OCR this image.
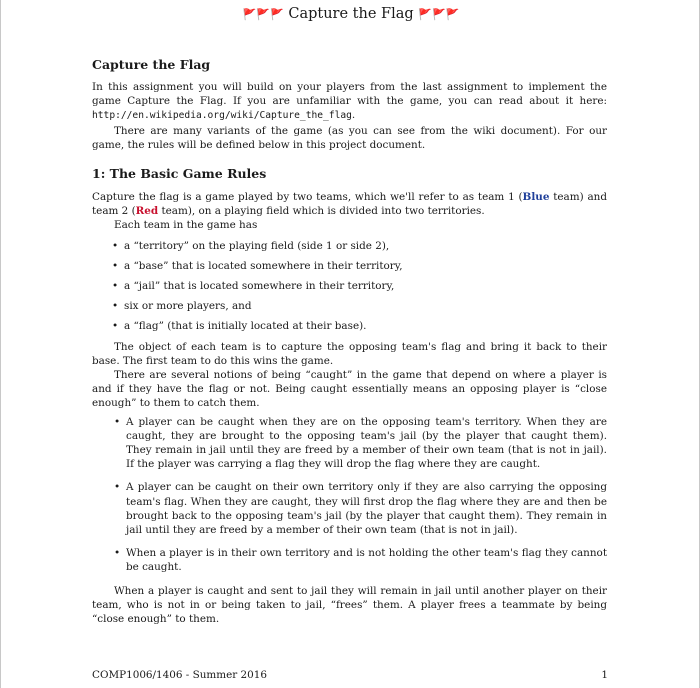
🚩🚩🚩 Capture the Flag 🚩🚩🚩
Capture the Flag

In this assignment you will build on your players from the last assignment to implement the game Capture the Flag. If you are unfamiliar with the game, you can read about it here: http://en.wikipedia.org/wiki/Capture_the_flag.

There are many variants of the game (as you can see from the wiki document). For our game, the rules will be defined below in this project document.

1: The Basic Game Rules

Capture the flag is a game played by two teams, which we'll refer to as team 1 (Blue team) and team 2 (Red team), on a playing field which is divided into two territories.

Each team in the game has

• a “territory” on the playing field (side 1 or side 2),
• a “base” that is located somewhere in their territory,
• a “jail” that is located somewhere in their territory,
• six or more players, and
• a “flag” (that is initially located at their base).

The object of each team is to capture the opposing team's flag and bring it back to their base. The first team to do this wins the game.

There are several notions of being “caught” in the game that depend on where a player is and if they have the flag or not. Being caught essentially means an opposing player is “close enough” to them to catch them.

• A player can be caught when they are on the opposing team's territory. When they are caught, they are brought to the opposing team's jail (by the player that caught them). They remain in jail until they are freed by a member of their own team (that is not in jail). If the player was carrying a flag they will drop the flag where they are caught.
• A player can be caught on their own territory only if they are also carrying the opposing team's flag. When they are caught, they will first drop the flag where they are and then be brought back to the opposing team's jail (by the player that caught them). They remain in jail until they are freed by a member of their own team (that is not in jail).
• When a player is in their own territory and is not holding the other team's flag they cannot be caught.

When a player is caught and sent to jail they will remain in jail until another player on their team, who is not in or being taken to jail, “frees” them. A player frees a teammate by being “close enough” to them.

COMP1006/1406 - Summer 2016	1
